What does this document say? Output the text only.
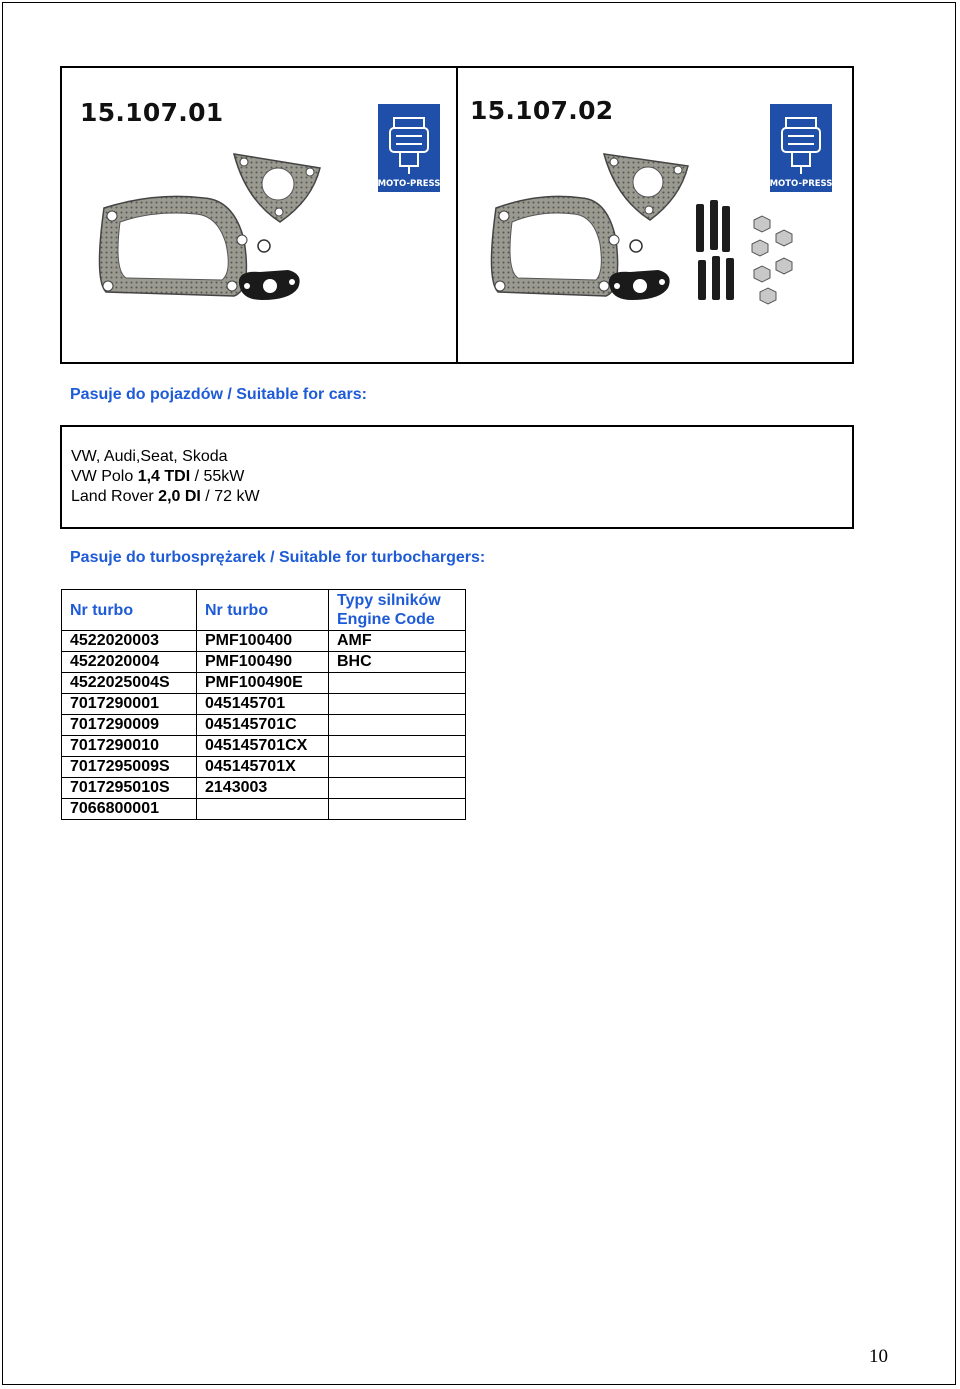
15.107.01
MOTO-PRESS
15.107.02
MOTO-PRESS
Pasuje do pojazdów / Suitable for cars:
VW, Audi,Seat, Skoda
VW Polo 1,4 TDI / 55kW
Land Rover 2,0 DI / 72 kW
Pasuje do turbosprężarek / Suitable for turbochargers:
Nr turbo	Nr turbo	Typy silników
Engine Code
4522020003	PMF100400	AMF
4522020004	PMF100490	BHC
4522025004S	PMF100490E	
7017290001	045145701	
7017290009	045145701C	
7017290010	045145701CX	
7017295009S	045145701X	
7017295010S	2143003	
7066800001		
10
